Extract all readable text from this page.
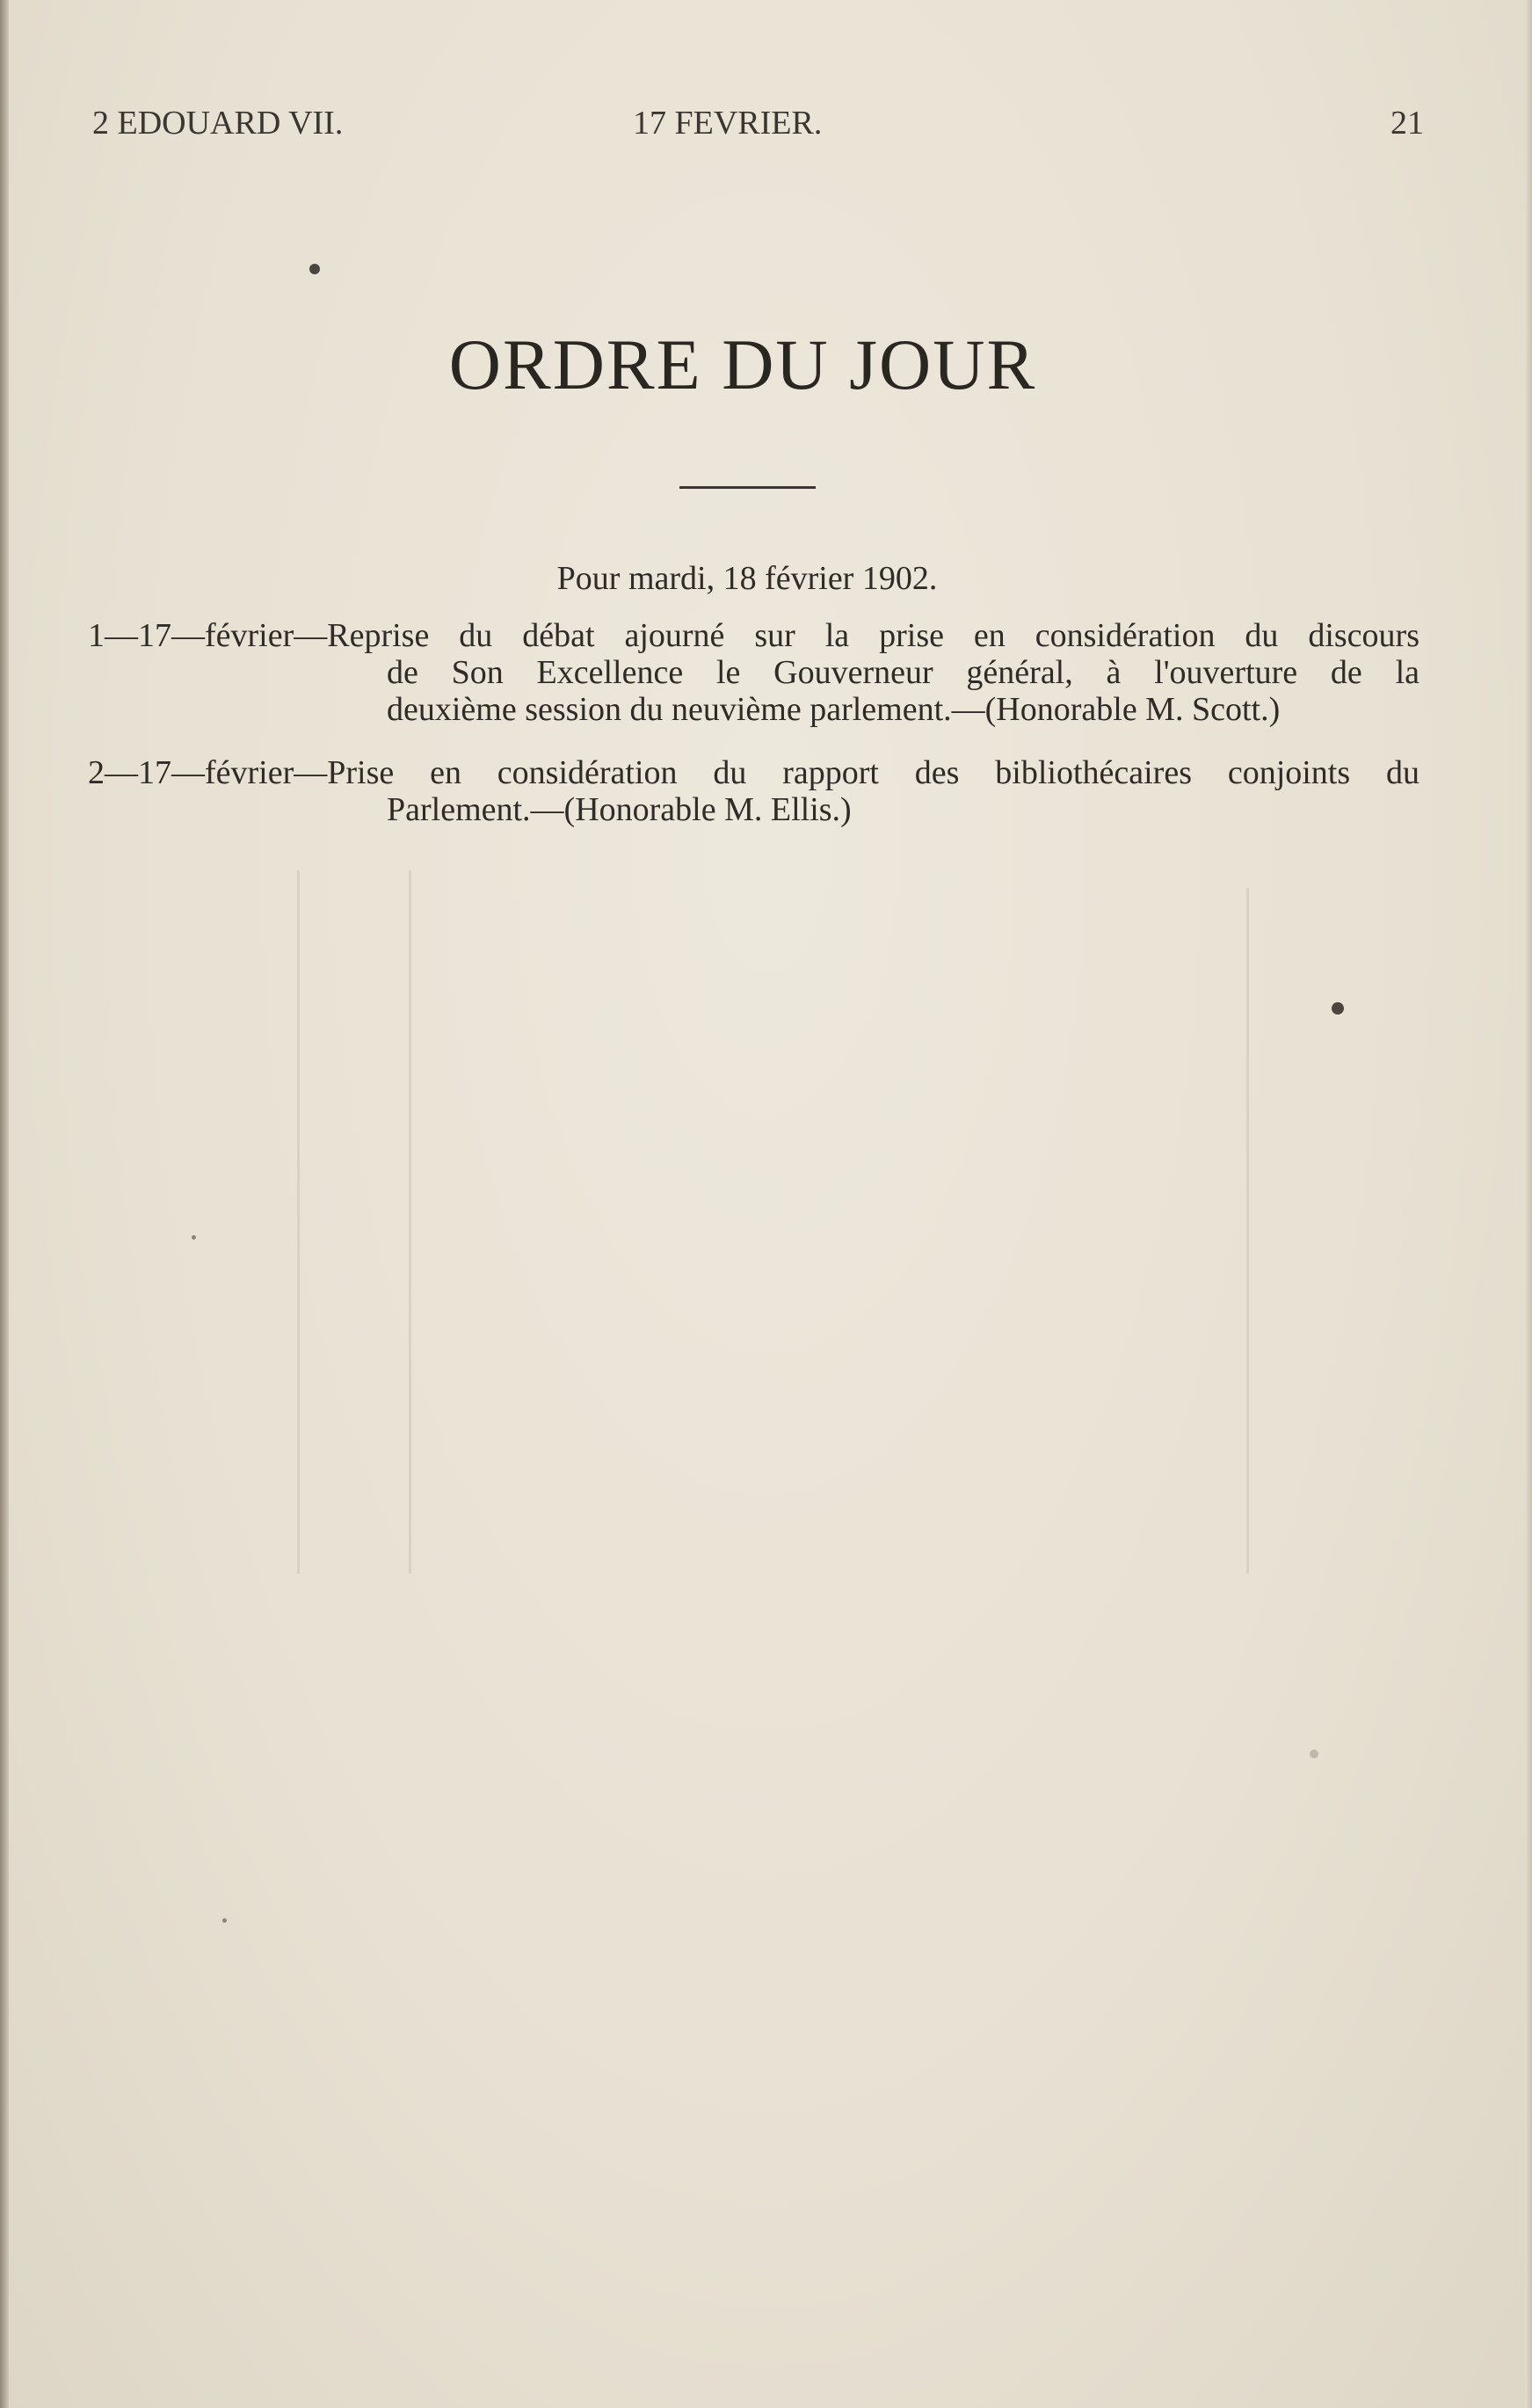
2 EDOUARD VII.	17 FEVRIER.	21
ORDRE DU JOUR
Pour mardi, 18 février 1902.
1—17—février—Reprise du débat ajourné sur la prise en considération du discours
de Son Excellence le Gouverneur général, à l'ouverture de la
deuxième session du neuvième parlement.—(Honorable M. Scott.)
2—17—février—Prise en considération du rapport des bibliothécaires conjoints du
Parlement.—(Honorable M. Ellis.)
